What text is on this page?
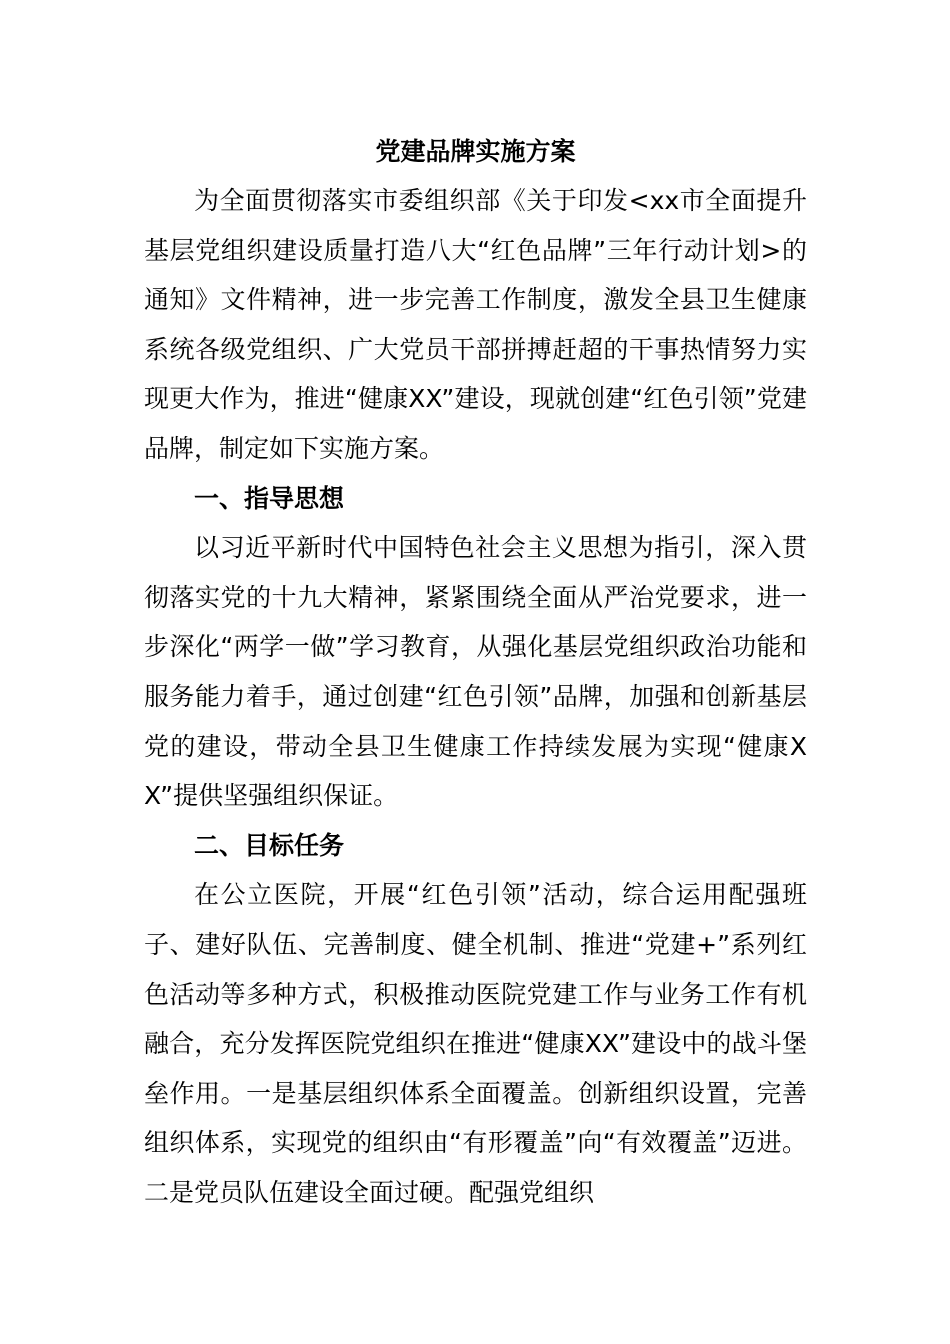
党建品牌实施方案

为全面贯彻落实市委组织部《关于印发<xx市全面提升基层党组织建设质量打造八大“红色品牌”三年行动计划>的通知》文件精神，进一步完善工作制度，激发全县卫生健康系统各级党组织、广大党员干部拼搏赶超的干事热情努力实现更大作为，推进“健康XX”建设，现就创建“红色引领”党建品牌，制定如下实施方案。

一、指导思想

以习近平新时代中国特色社会主义思想为指引，深入贯彻落实党的十九大精神，紧紧围绕全面从严治党要求，进一步深化“两学一做”学习教育，从强化基层党组织政治功能和服务能力着手，通过创建“红色引领”品牌，加强和创新基层党的建设，带动全县卫生健康工作持续发展为实现“健康XX”提供坚强组织保证。

二、目标任务

在公立医院，开展“红色引领”活动，综合运用配强班子、建好队伍、完善制度、健全机制、推进“党建+”系列红色活动等多种方式，积极推动医院党建工作与业务工作有机融合，充分发挥医院党组织在推进“健康XX”建设中的战斗堡垒作用。一是基层组织体系全面覆盖。创新组织设置，完善组织体系，实现党的组织由“有形覆盖”向“有效覆盖”迈进。二是党员队伍建设全面过硬。配强党组织
